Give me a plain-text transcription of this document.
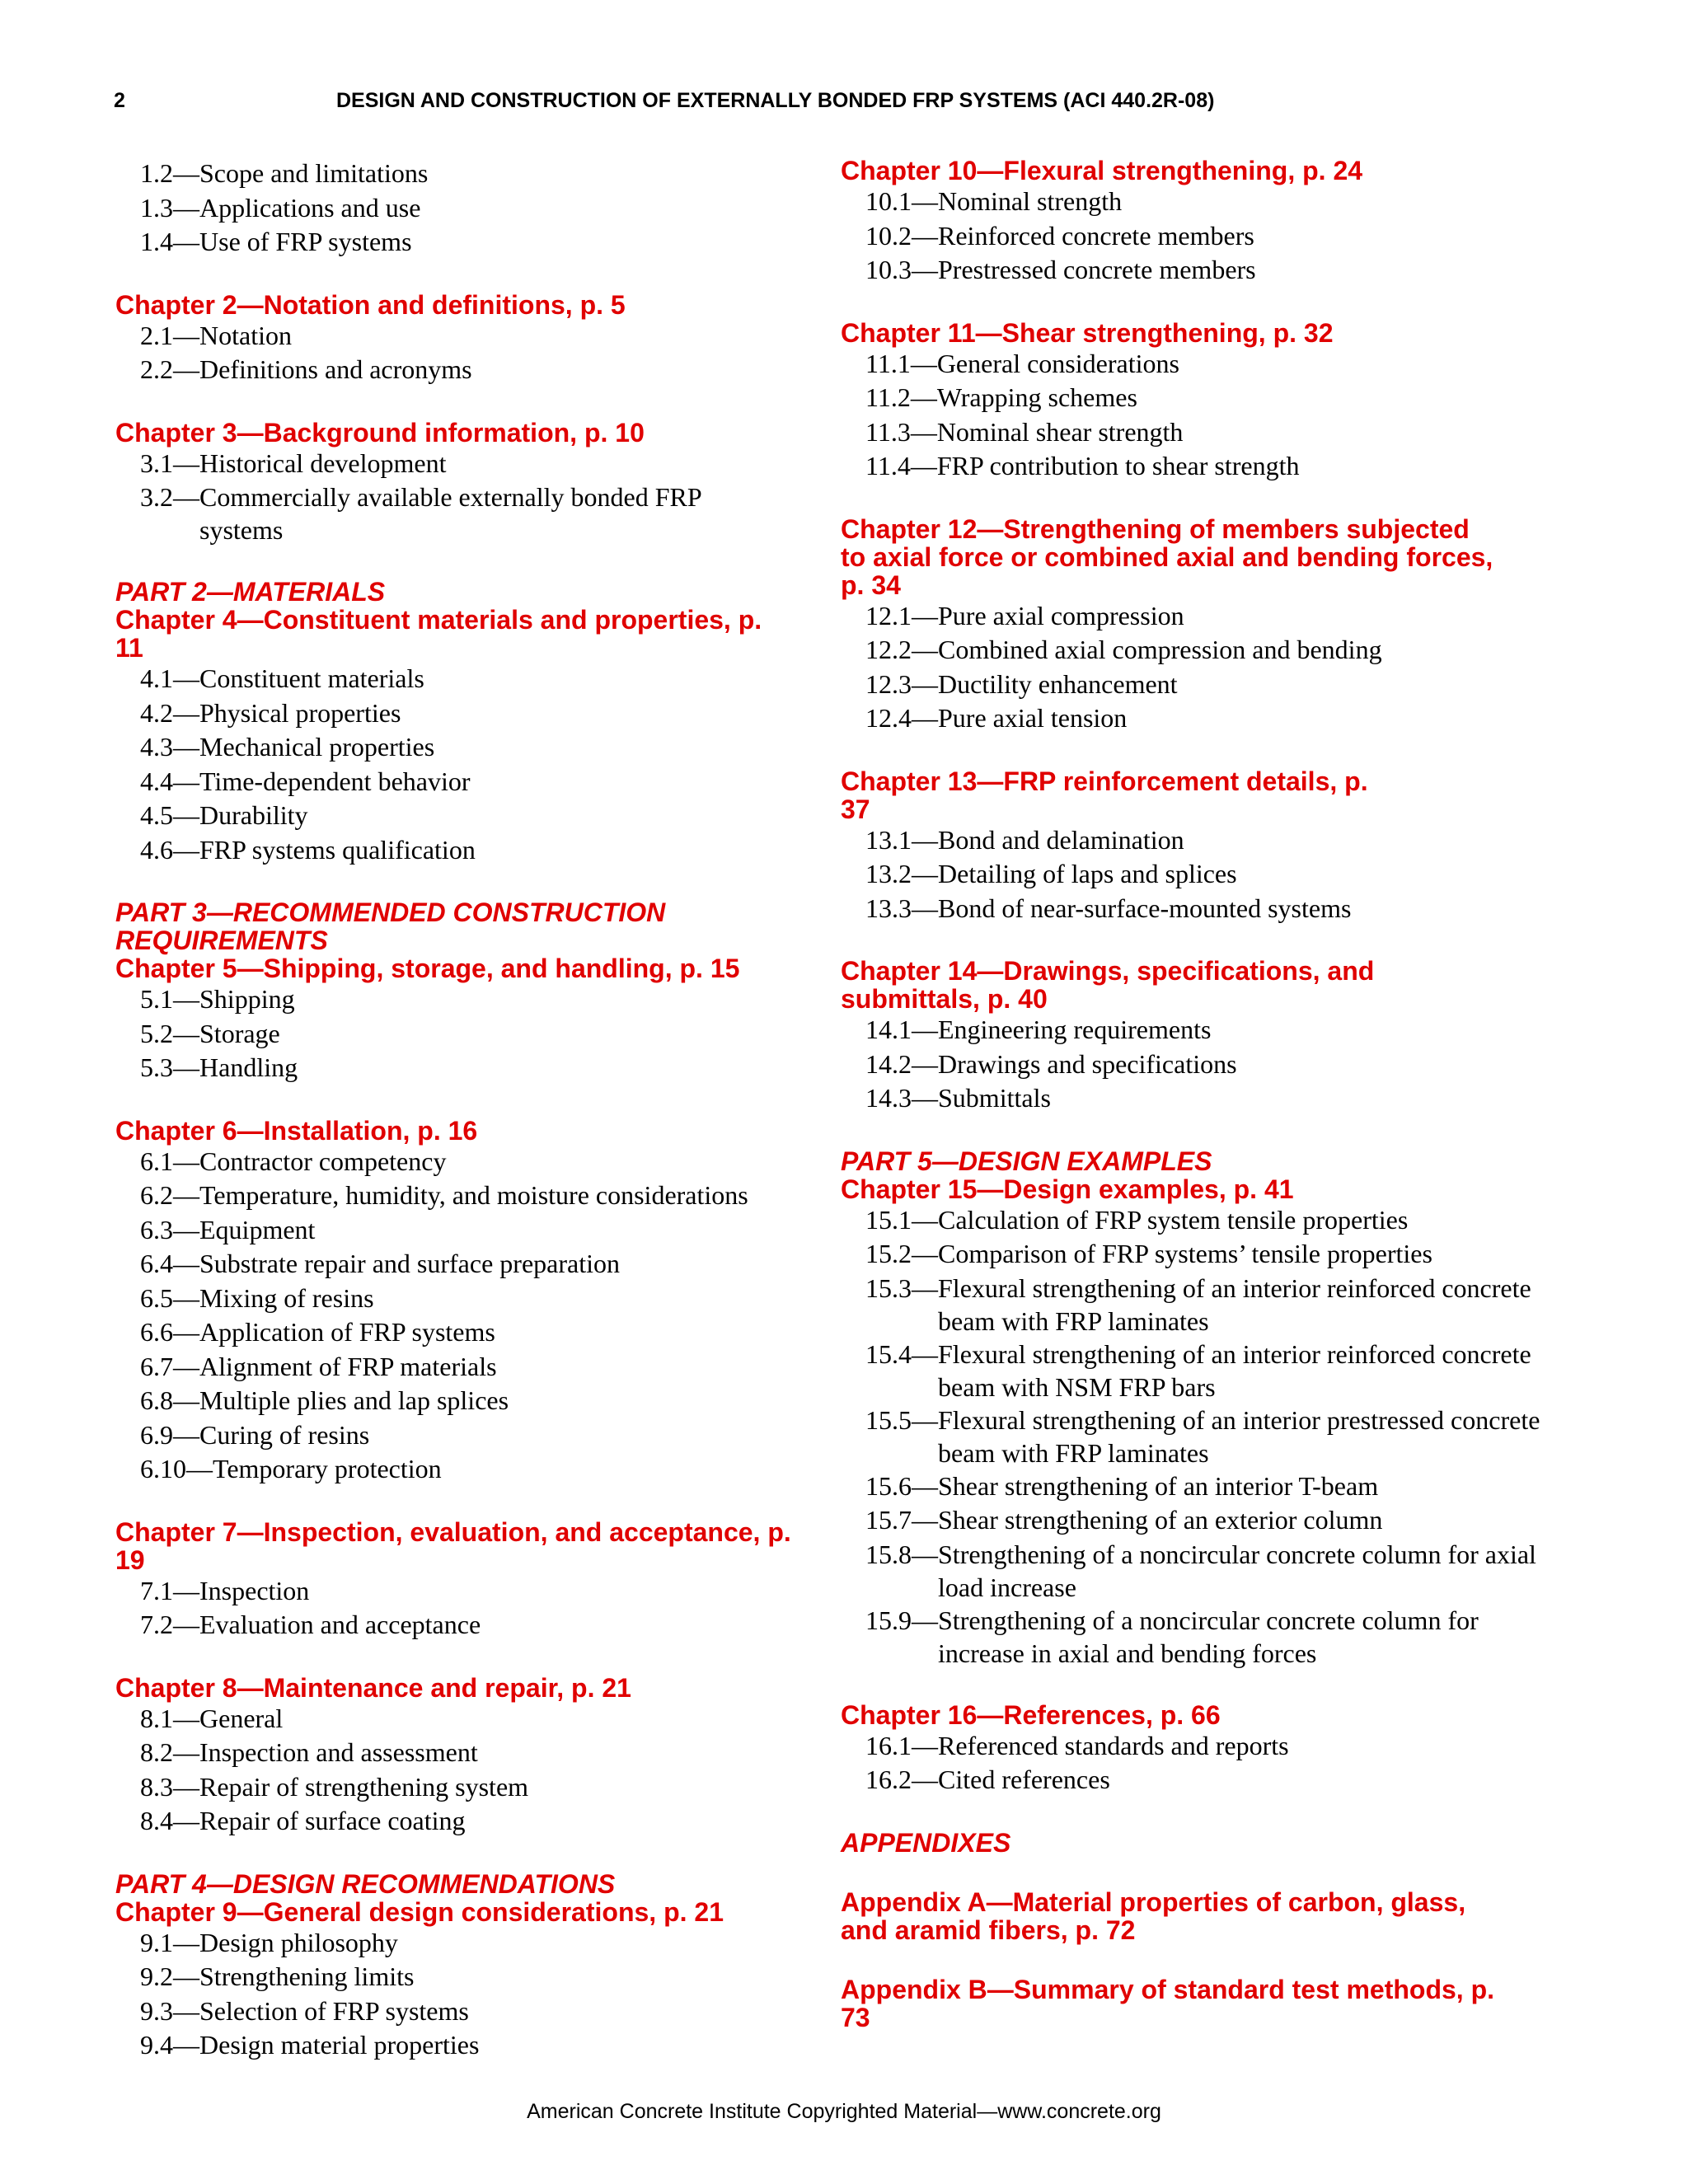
2	DESIGN AND CONSTRUCTION OF EXTERNALLY BONDED FRP SYSTEMS (ACI 440.2R-08)
1.2—Scope and limitations
1.3—Applications and use
1.4—Use of FRP systems
Chapter 2—Notation and definitions, p. 5
2.1—Notation
2.2—Definitions and acronyms
Chapter 3—Background information, p. 10
3.1—Historical development
3.2— Commercially available externally bonded FRP systems
PART 2—MATERIALS
Chapter 4—Constituent materials and properties, p. 11
4.1—Constituent materials
4.2—Physical properties
4.3—Mechanical properties
4.4—Time-dependent behavior
4.5—Durability
4.6—FRP systems qualification
PART 3—RECOMMENDED CONSTRUCTION REQUIREMENTS
Chapter 5—Shipping, storage, and handling, p. 15
5.1—Shipping
5.2—Storage
5.3—Handling
Chapter 6—Installation, p. 16
6.1—Contractor competency
6.2—Temperature, humidity, and moisture considerations
6.3—Equipment
6.4—Substrate repair and surface preparation
6.5—Mixing of resins
6.6—Application of FRP systems
6.7—Alignment of FRP materials
6.8—Multiple plies and lap splices
6.9—Curing of resins
6.10—Temporary protection
Chapter 7—Inspection, evaluation, and acceptance, p. 19
7.1—Inspection
7.2—Evaluation and acceptance
Chapter 8—Maintenance and repair, p. 21
8.1—General
8.2—Inspection and assessment
8.3—Repair of strengthening system
8.4—Repair of surface coating
PART 4—DESIGN RECOMMENDATIONS
Chapter 9—General design considerations, p. 21
9.1—Design philosophy
9.2—Strengthening limits
9.3—Selection of FRP systems
9.4—Design material properties
Chapter 10—Flexural strengthening, p. 24
10.1—Nominal strength
10.2—Reinforced concrete members
10.3—Prestressed concrete members
Chapter 11—Shear strengthening, p. 32
11.1—General considerations
11.2—Wrapping schemes
11.3—Nominal shear strength
11.4—FRP contribution to shear strength
Chapter 12—Strengthening of members subjected to axial force or combined axial and bending forces, p. 34
12.1—Pure axial compression
12.2—Combined axial compression and bending
12.3—Ductility enhancement
12.4—Pure axial tension
Chapter 13—FRP reinforcement details, p. 37
13.1—Bond and delamination
13.2—Detailing of laps and splices
13.3—Bond of near-surface-mounted systems
Chapter 14—Drawings, specifications, and submittals, p. 40
14.1—Engineering requirements
14.2—Drawings and specifications
14.3—Submittals
PART 5—DESIGN EXAMPLES
Chapter 15—Design examples, p. 41
15.1—Calculation of FRP system tensile properties
15.2—Comparison of FRP systems’ tensile properties
15.3— Flexural strengthening of an interior reinforced concrete beam with FRP laminates
15.4— Flexural strengthening of an interior reinforced concrete beam with NSM FRP bars
15.5— Flexural strengthening of an interior prestressed concrete beam with FRP laminates
15.6—Shear strengthening of an interior T-beam
15.7—Shear strengthening of an exterior column
15.8— Strengthening of a noncircular concrete column for axial load increase
15.9— Strengthening of a noncircular concrete column for increase in axial and bending forces
Chapter 16—References, p. 66
16.1—Referenced standards and reports
16.2—Cited references
APPENDIXES
Appendix A—Material properties of carbon, glass, and aramid fibers, p. 72
Appendix B—Summary of standard test methods, p. 73
American Concrete Institute Copyrighted Material—www.concrete.org
